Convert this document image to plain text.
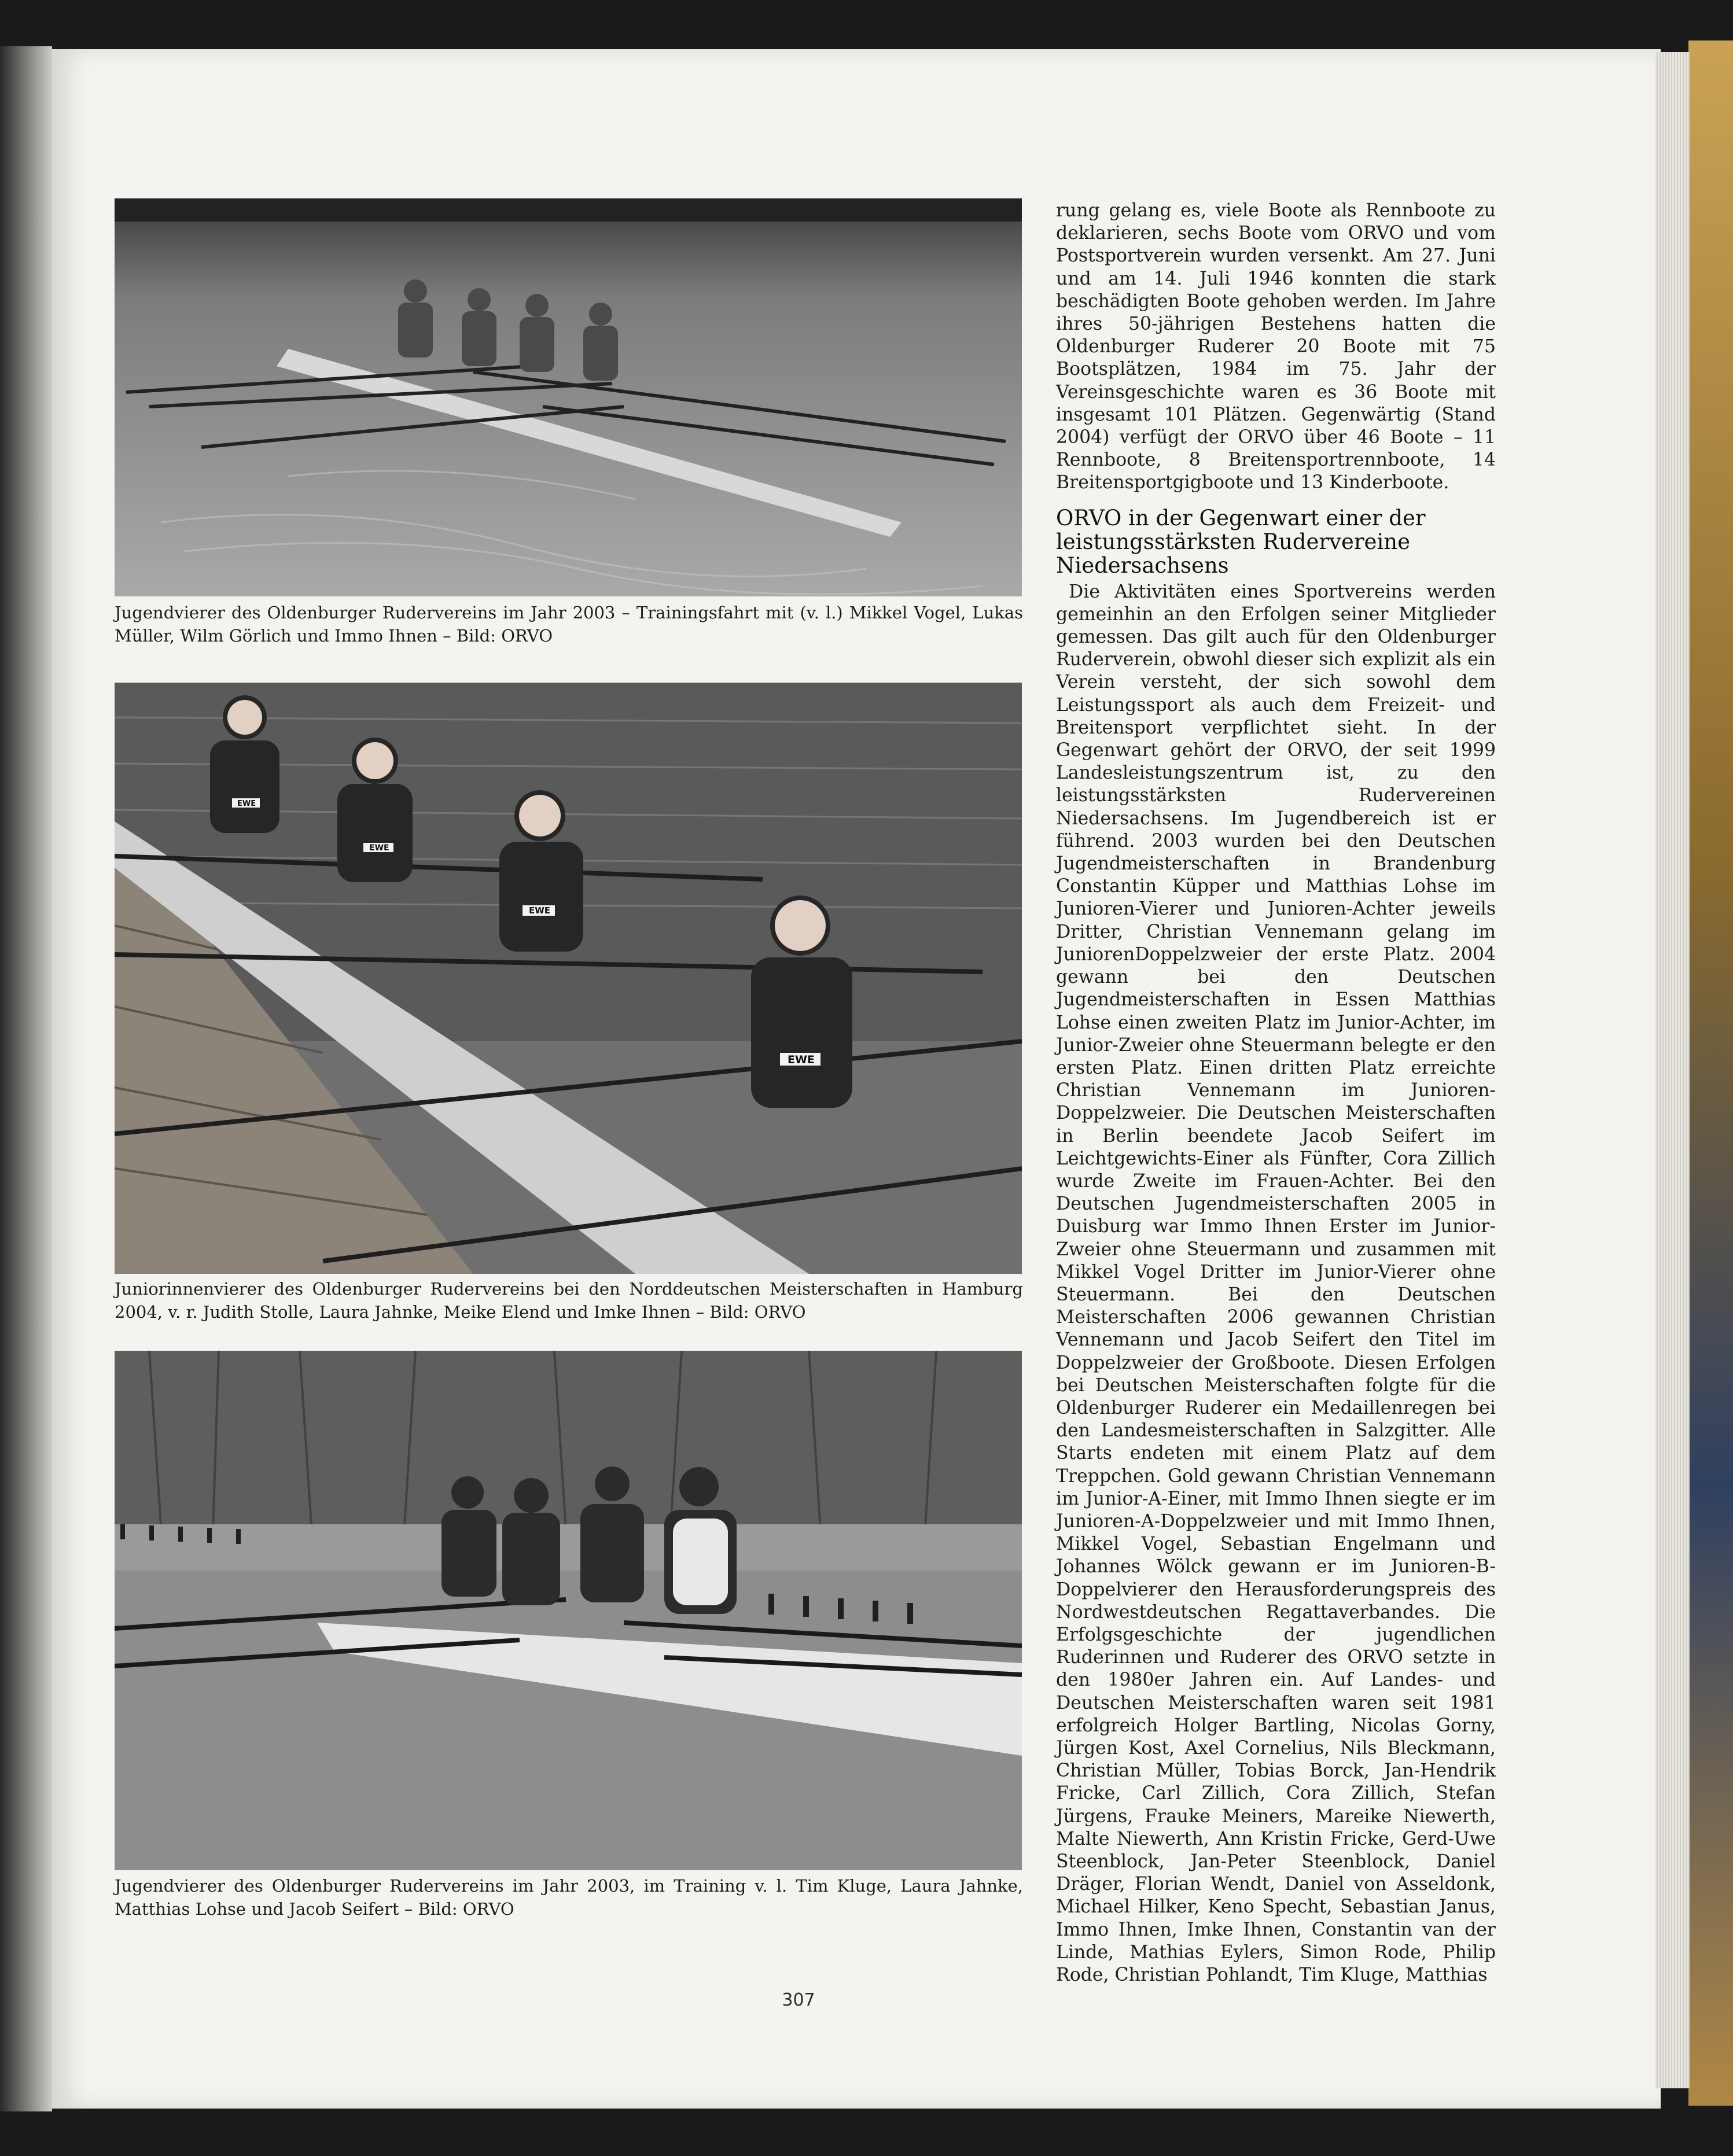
Jugendvierer des Oldenburger Rudervereins im Jahr 2003 – Trainingsfahrt mit (v. l.) Mikkel Vogel, Lukas Müller, Wilm Görlich und Immo Ihnen – Bild: ORVO
EWE
EWE
EWE
EWE
Juniorinnenvierer des Oldenburger Rudervereins bei den Norddeutschen Meisterschaften in Hamburg 2004, v. r. Judith Stolle, Laura Jahnke, Meike Elend und Imke Ihnen – Bild: ORVO
Jugendvierer des Oldenburger Rudervereins im Jahr 2003, im Training v. l. Tim Kluge, Laura Jahnke, Matthias Lohse und Jacob Seifert – Bild: ORVO

rung gelang es, viele Boote als Rennboote zu deklarieren, sechs Boote vom ORVO und vom Postsportverein wurden versenkt. Am 27. Juni und am 14. Juli 1946 konnten die stark beschädigten Boote gehoben werden. Im Jahre ihres 50-jährigen Bestehens hatten die Oldenburger Ruderer 20 Boote mit 75 Bootsplätzen, 1984 im 75. Jahr der Vereinsgeschichte waren es 36 Boote mit insgesamt 101 Plätzen. Gegenwärtig (Stand 2004) verfügt der ORVO über 46 Boote – 11 Rennboote, 8 Breitensportrennboote, 14 Breitensportgigboote und 13 Kinderboote.

ORVO in der Gegenwart einer der leistungsstärksten Rudervereine Niedersachsens

Die Aktivitäten eines Sportvereins werden gemeinhin an den Erfolgen seiner Mitglieder gemessen. Das gilt auch für den Oldenburger Ruderverein, obwohl dieser sich explizit als ein Verein versteht, der sich sowohl dem Leistungssport als auch dem Freizeit- und Breitensport verpflichtet sieht. In der Gegenwart gehört der ORVO, der seit 1999 Landesleistungszentrum ist, zu den leistungsstärksten Rudervereinen Niedersachsens. Im Jugendbereich ist er führend. 2003 wurden bei den Deutschen Jugendmeisterschaften in Brandenburg Constantin Küpper und Matthias Lohse im Junioren-Vierer und Junioren-Achter jeweils Dritter, Christian Vennemann gelang im JuniorenDoppelzweier der erste Platz. 2004 gewann bei den Deutschen Jugendmeisterschaften in Essen Matthias Lohse einen zweiten Platz im Junior-Achter, im Junior-Zweier ohne Steuermann belegte er den ersten Platz. Einen dritten Platz erreichte Christian Vennemann im Junioren-Doppelzweier. Die Deutschen Meisterschaften in Berlin beendete Jacob Seifert im Leichtgewichts-Einer als Fünfter, Cora Zillich wurde Zweite im Frauen-Achter. Bei den Deutschen Jugendmeisterschaften 2005 in Duisburg war Immo Ihnen Erster im Junior-Zweier ohne Steuermann und zusammen mit Mikkel Vogel Dritter im Junior-Vierer ohne Steuermann. Bei den Deutschen Meisterschaften 2006 gewannen Christian Vennemann und Jacob Seifert den Titel im Doppelzweier der Großboote. Diesen Erfolgen bei Deutschen Meisterschaften folgte für die Oldenburger Ruderer ein Medaillenregen bei den Landesmeisterschaften in Salzgitter. Alle Starts endeten mit einem Platz auf dem Treppchen. Gold gewann Christian Vennemann im Junior-A-Einer, mit Immo Ihnen siegte er im Junioren-A-Doppelzweier und mit Immo Ihnen, Mikkel Vogel, Sebastian Engelmann und Johannes Wölck gewann er im Junioren-B-Doppelvierer den Herausforderungspreis des Nordwestdeutschen Regattaverbandes. Die Erfolgsgeschichte der jugendlichen Ruderinnen und Ruderer des ORVO setzte in den 1980er Jahren ein. Auf Landes- und Deutschen Meisterschaften waren seit 1981 erfolgreich Holger Bartling, Nicolas Gorny, Jürgen Kost, Axel Cornelius, Nils Bleckmann, Christian Müller, Tobias Borck, Jan-Hendrik Fricke, Carl Zillich, Cora Zillich, Stefan Jürgens, Frauke Meiners, Mareike Niewerth, Malte Niewerth, Ann Kristin Fricke, Gerd-Uwe Steenblock, Jan-Peter Steenblock, Daniel Dräger, Florian Wendt, Daniel von Asseldonk, Michael Hilker, Keno Specht, Sebastian Janus, Immo Ihnen, Imke Ihnen, Constantin van der Linde, Mathias Eylers, Simon Rode, Philip Rode, Christian Pohlandt, Tim Kluge, Matthias

307
